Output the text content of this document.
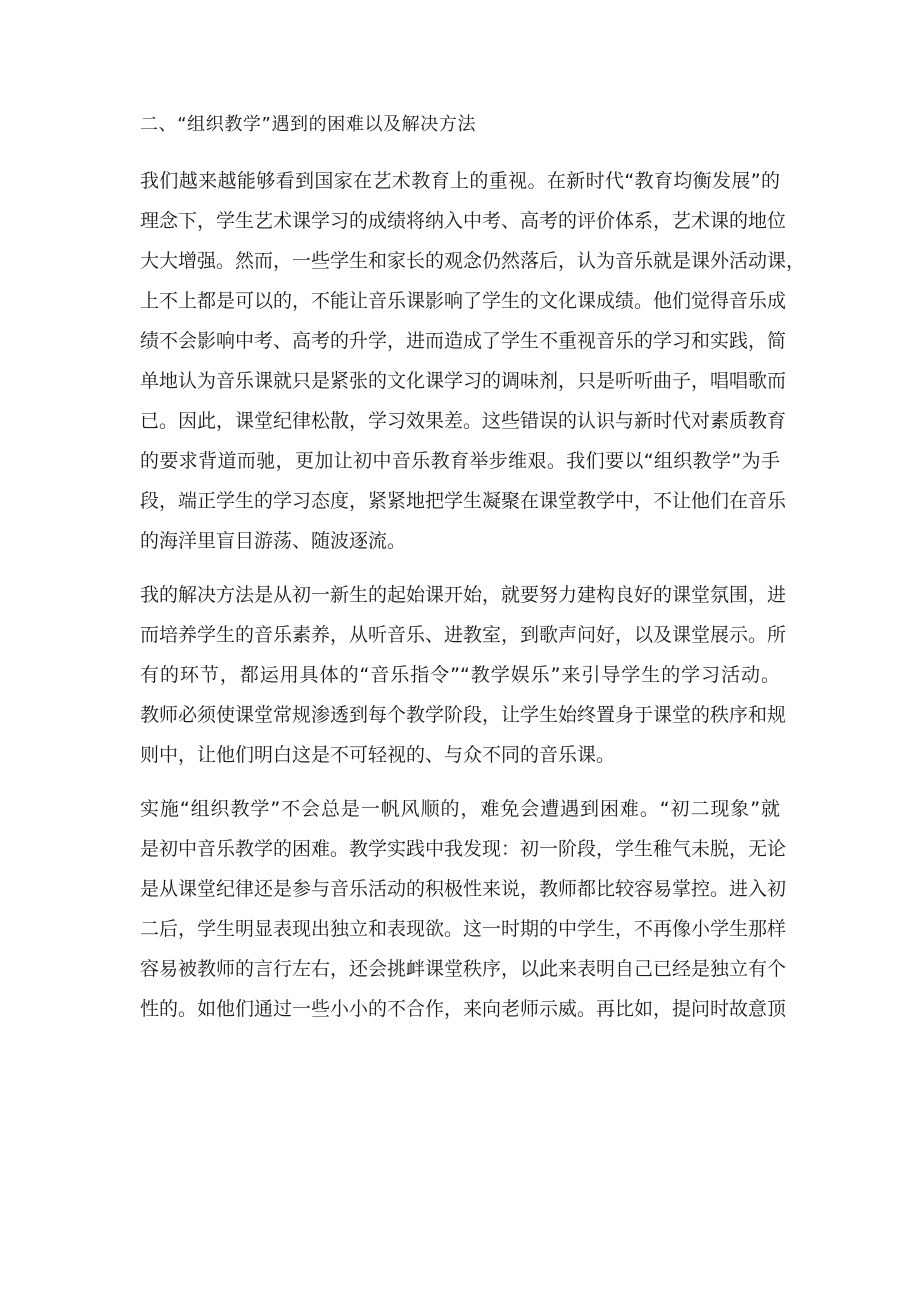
二、“组织教学”遇到的困难以及解决方法
我们越来越能够看到国家在艺术教育上的重视。在新时代“教育均衡发展”的
理念下，学生艺术课学习的成绩将纳入中考、高考的评价体系，艺术课的地位
大大增强。然而，一些学生和家长的观念仍然落后，认为音乐就是课外活动课，
上不上都是可以的，不能让音乐课影响了学生的文化课成绩。他们觉得音乐成
绩不会影响中考、高考的升学，进而造成了学生不重视音乐的学习和实践，简
单地认为音乐课就只是紧张的文化课学习的调味剂，只是听听曲子，唱唱歌而
已。因此，课堂纪律松散，学习效果差。这些错误的认识与新时代对素质教育
的要求背道而驰，更加让初中音乐教育举步维艰。我们要以“组织教学”为手
段，端正学生的学习态度，紧紧地把学生凝聚在课堂教学中，不让他们在音乐
的海洋里盲目游荡、随波逐流。
我的解决方法是从初一新生的起始课开始，就要努力建构良好的课堂氛围，进
而培养学生的音乐素养，从听音乐、进教室，到歌声问好，以及课堂展示。所
有的环节，都运用具体的“音乐指令”“教学娱乐”来引导学生的学习活动。
教师必须使课堂常规渗透到每个教学阶段，让学生始终置身于课堂的秩序和规
则中，让他们明白这是不可轻视的、与众不同的音乐课。
实施“组织教学”不会总是一帆风顺的，难免会遭遇到困难。“初二现象”就
是初中音乐教学的困难。教学实践中我发现：初一阶段，学生稚气未脱，无论
是从课堂纪律还是参与音乐活动的积极性来说，教师都比较容易掌控。进入初
二后，学生明显表现出独立和表现欲。这一时期的中学生，不再像小学生那样
容易被教师的言行左右，还会挑衅课堂秩序，以此来表明自己已经是独立有个
性的。如他们通过一些小小的不合作，来向老师示威。再比如，提问时故意顶
